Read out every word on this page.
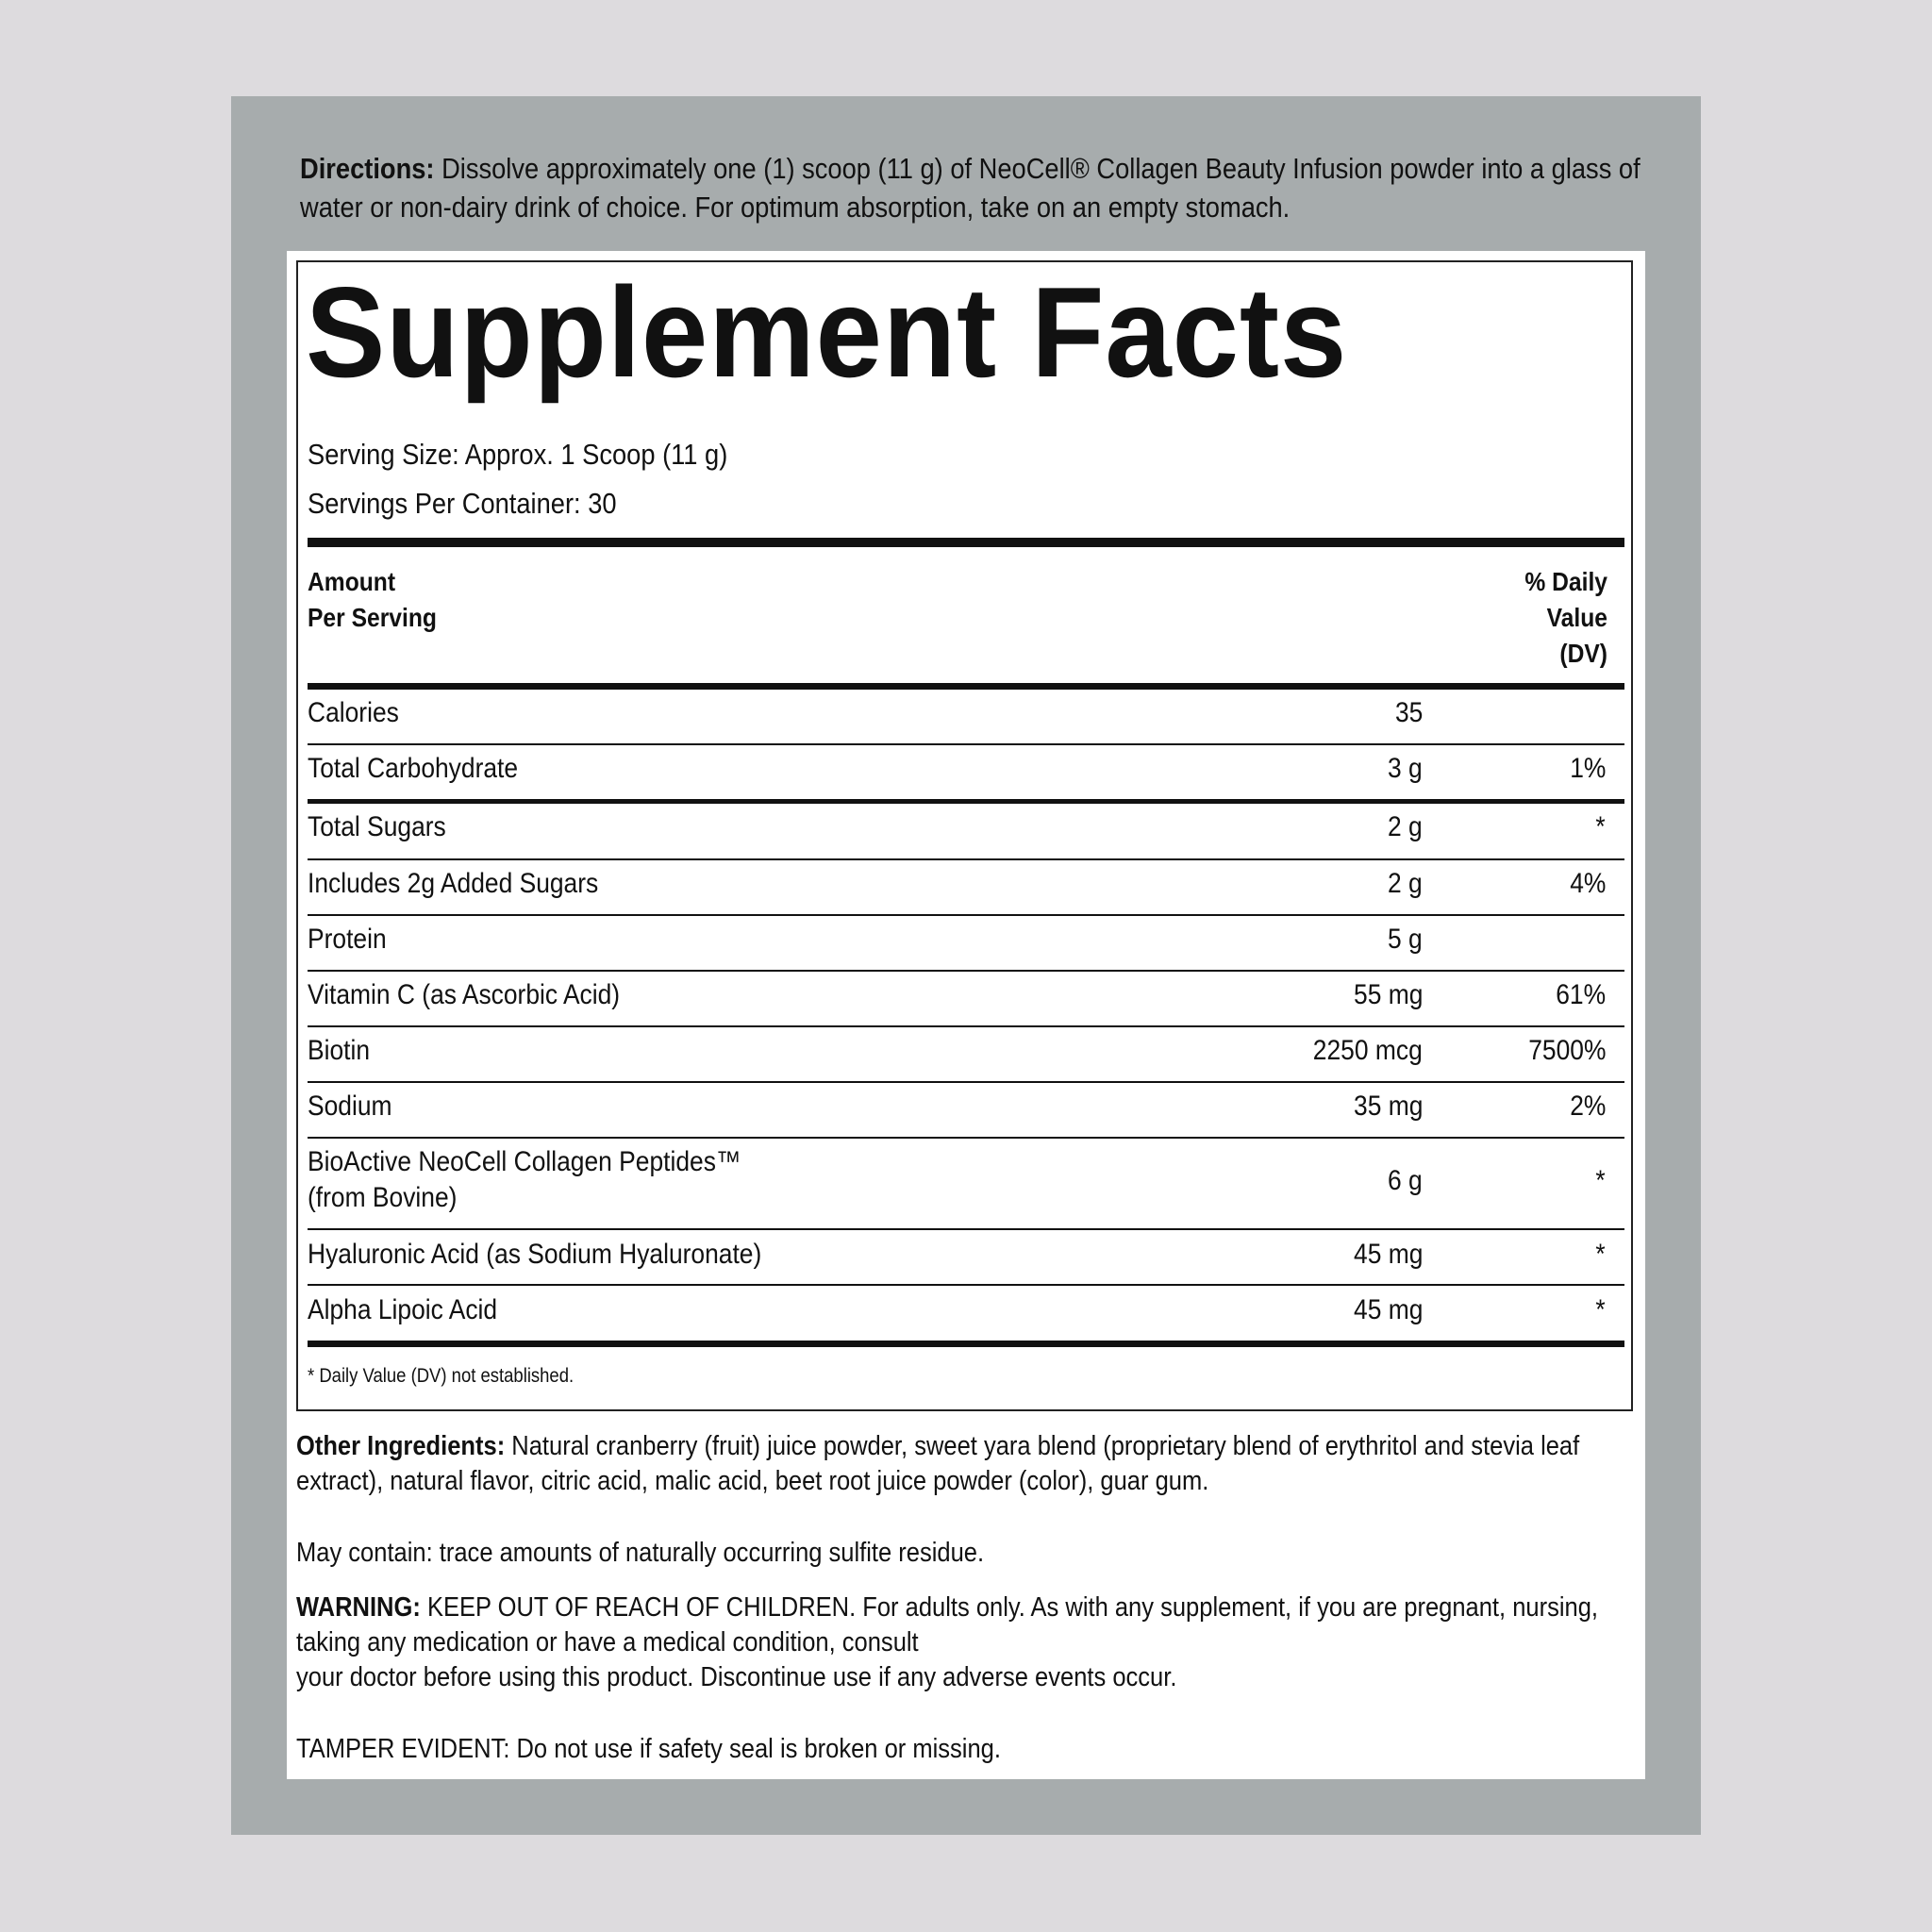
Directions: Dissolve approximately one (1) scoop (11 g) of NeoCell® Collagen Beauty Infusion powder into a glass of water or non-dairy drink of choice. For optimum absorption, take on an empty stomach.
Supplement Facts
Serving Size: Approx. 1 Scoop (11 g)
Servings Per Container: 30
Amount
Per Serving
% Daily
Value
(DV)
Calories	35
Total Carbohydrate	3 g	1%
Total Sugars	2 g	*
Includes 2g Added Sugars	2 g	4%
Protein	5 g
Vitamin C (as Ascorbic Acid)	55 mg	61%
Biotin	2250 mcg	7500%
Sodium	35 mg	2%
BioActive NeoCell Collagen Peptides™
(from Bovine)
6 g	*
Hyaluronic Acid (as Sodium Hyaluronate)	45 mg	*
Alpha Lipoic Acid	45 mg	*
* Daily Value (DV) not established.
Other Ingredients: Natural cranberry (fruit) juice powder, sweet yara blend (proprietary blend of erythritol and stevia leaf extract), natural flavor, citric acid, malic acid, beet root juice powder (color), guar gum.
May contain: trace amounts of naturally occurring sulfite residue.
WARNING: KEEP OUT OF REACH OF CHILDREN. For adults only. As with any supplement, if you are pregnant, nursing, taking any medication or have a medical condition, consult
your doctor before using this product. Discontinue use if any adverse events occur.
TAMPER EVIDENT: Do not use if safety seal is broken or missing.
